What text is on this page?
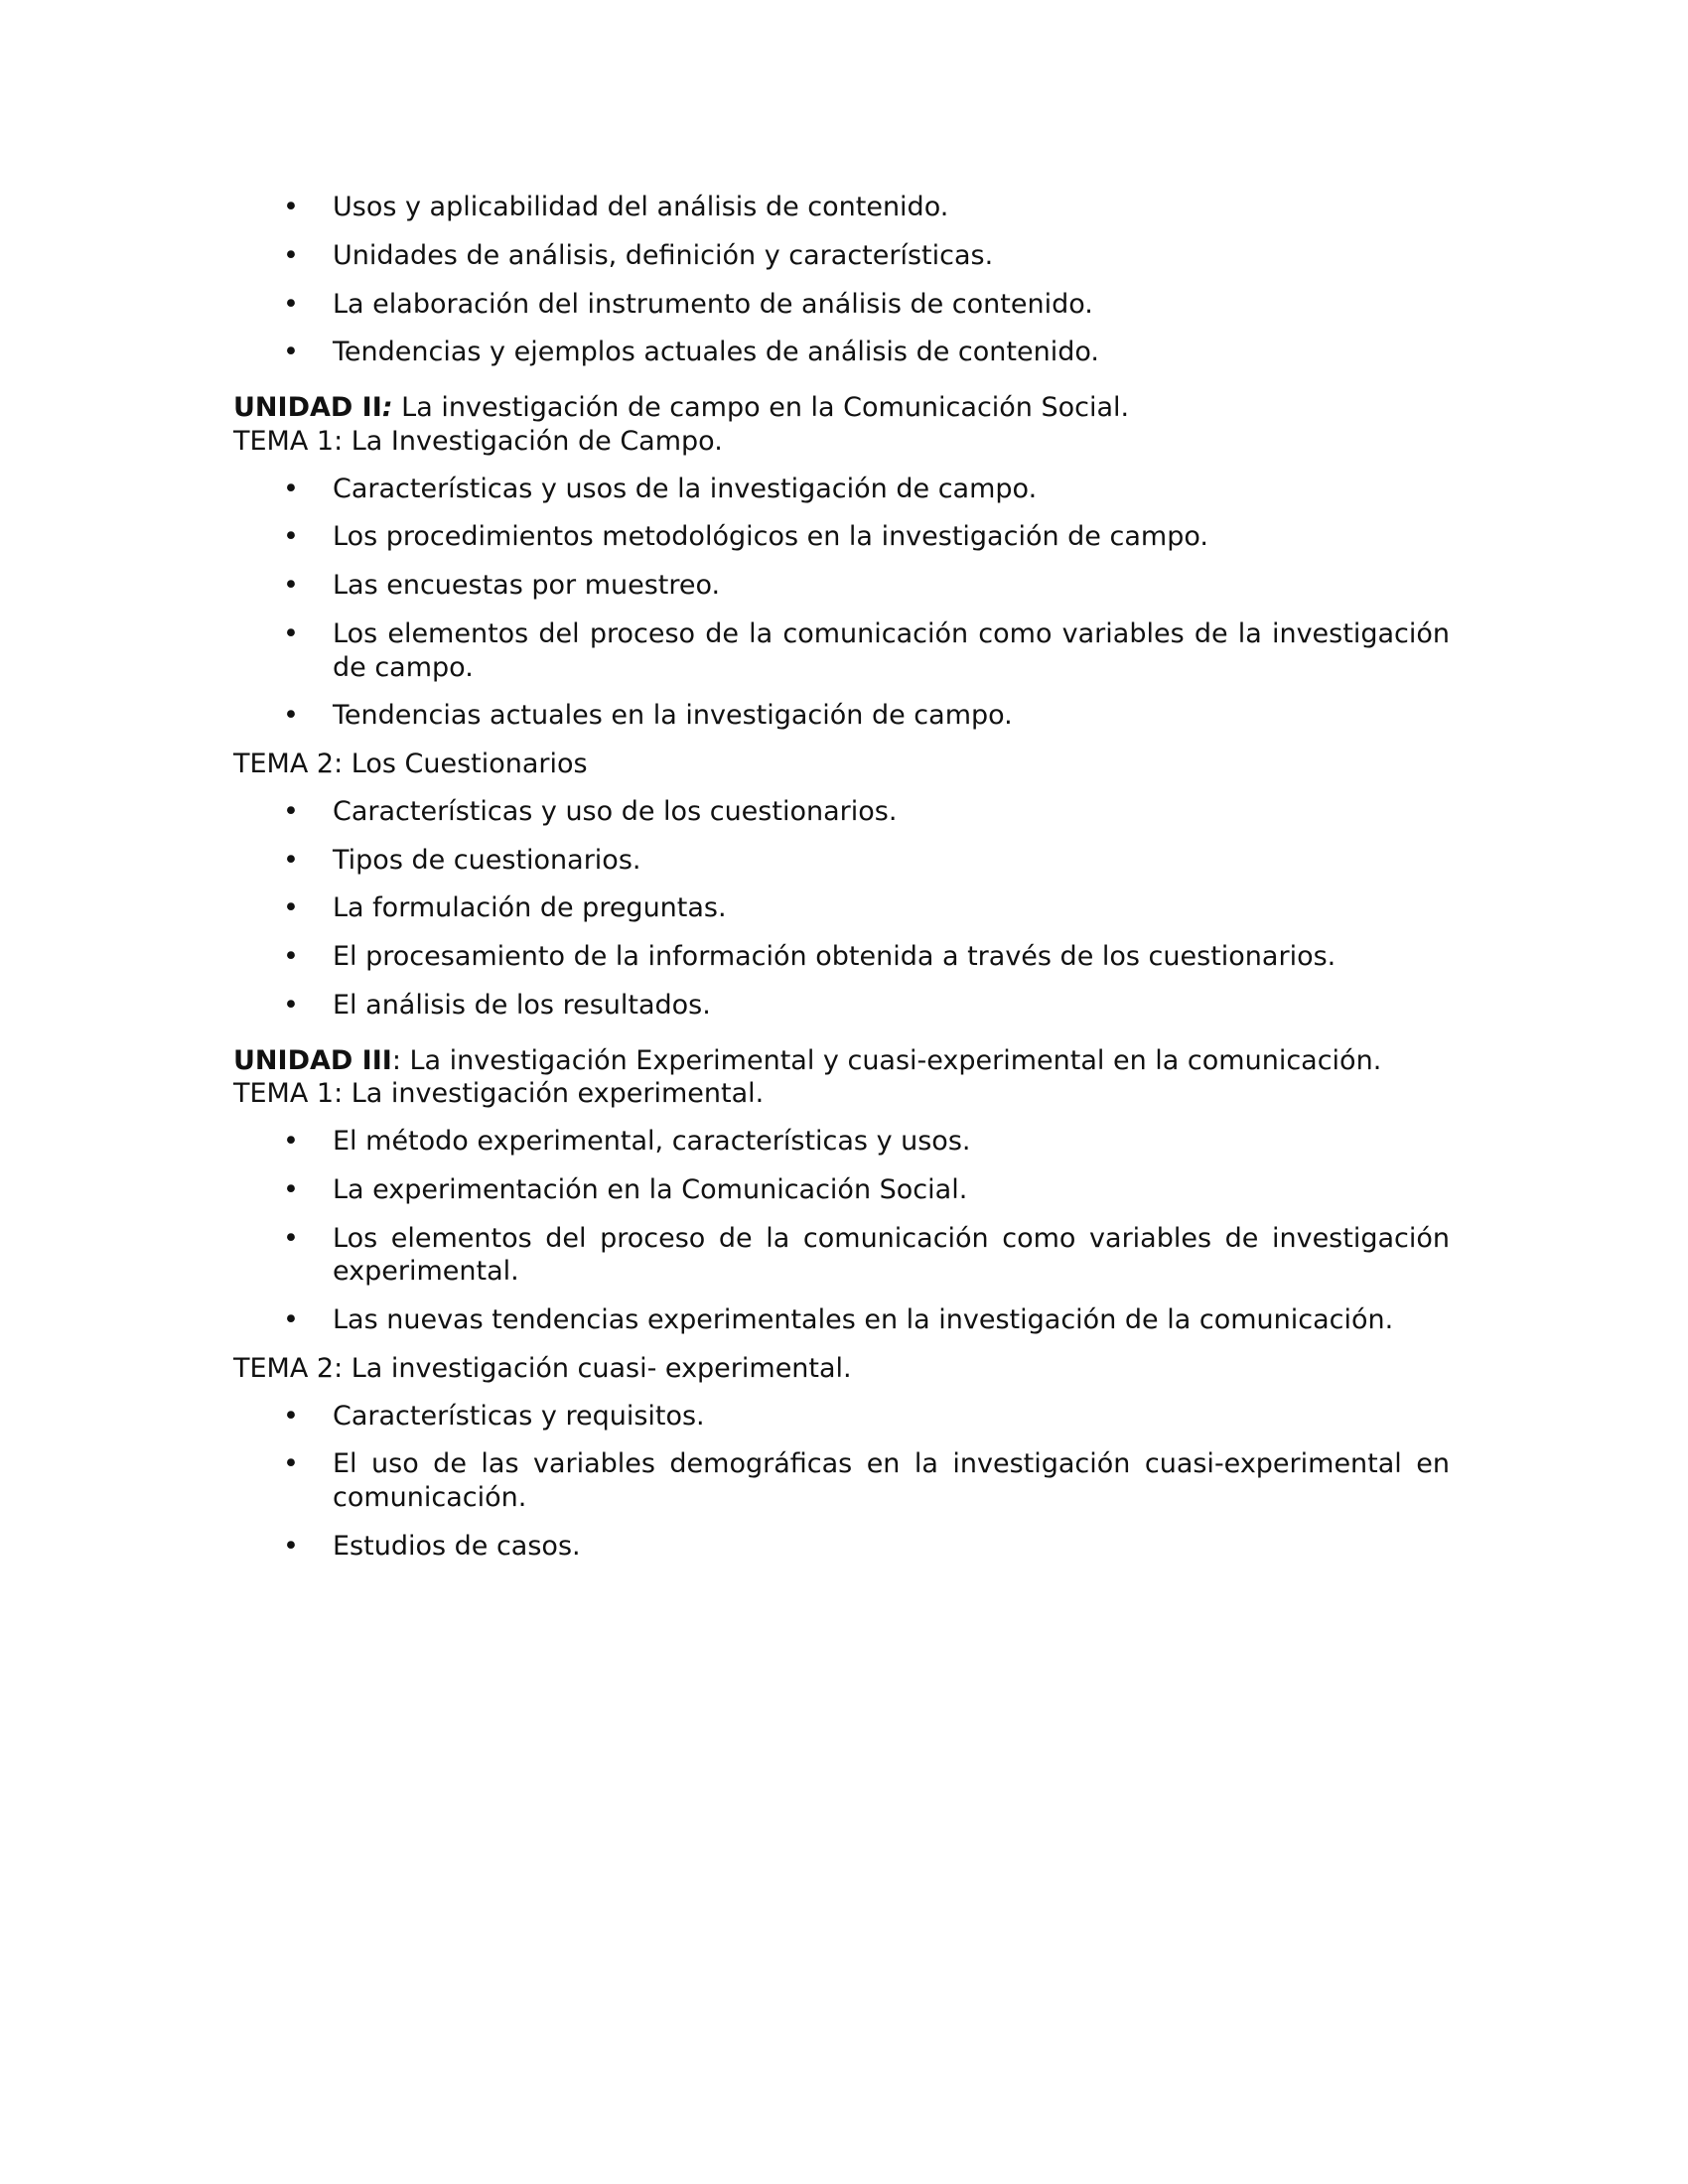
• Usos y aplicabilidad del análisis de contenido.
• Unidades de análisis, definición y características.
• La elaboración del instrumento de análisis de contenido.
• Tendencias y ejemplos actuales de análisis de contenido.

UNIDAD II: La investigación de campo en la Comunicación Social.

TEMA 1: La Investigación de Campo.

• Características y usos de la investigación de campo.
• Los procedimientos metodológicos en la investigación de campo.
• Las encuestas por muestreo.
• Los elementos del proceso de la comunicación como variables de la investigación de campo.
• Tendencias actuales en la investigación de campo.

TEMA 2: Los Cuestionarios

• Características y uso de los cuestionarios.
• Tipos de cuestionarios.
• La formulación de preguntas.
• El procesamiento de la información obtenida a través de los cuestionarios.
• El análisis de los resultados.

UNIDAD III: La investigación Experimental y cuasi-experimental en la comunicación.

TEMA 1: La investigación experimental.

• El método experimental, características y usos.
• La experimentación en la Comunicación Social.
• Los elementos del proceso de la comunicación como variables de investigación experimental.
• Las nuevas tendencias experimentales en la investigación de la comunicación.

TEMA 2: La investigación cuasi- experimental.

• Características y requisitos.
• El uso de las variables demográficas en la investigación cuasi-experimental en comunicación.
• Estudios de casos.
